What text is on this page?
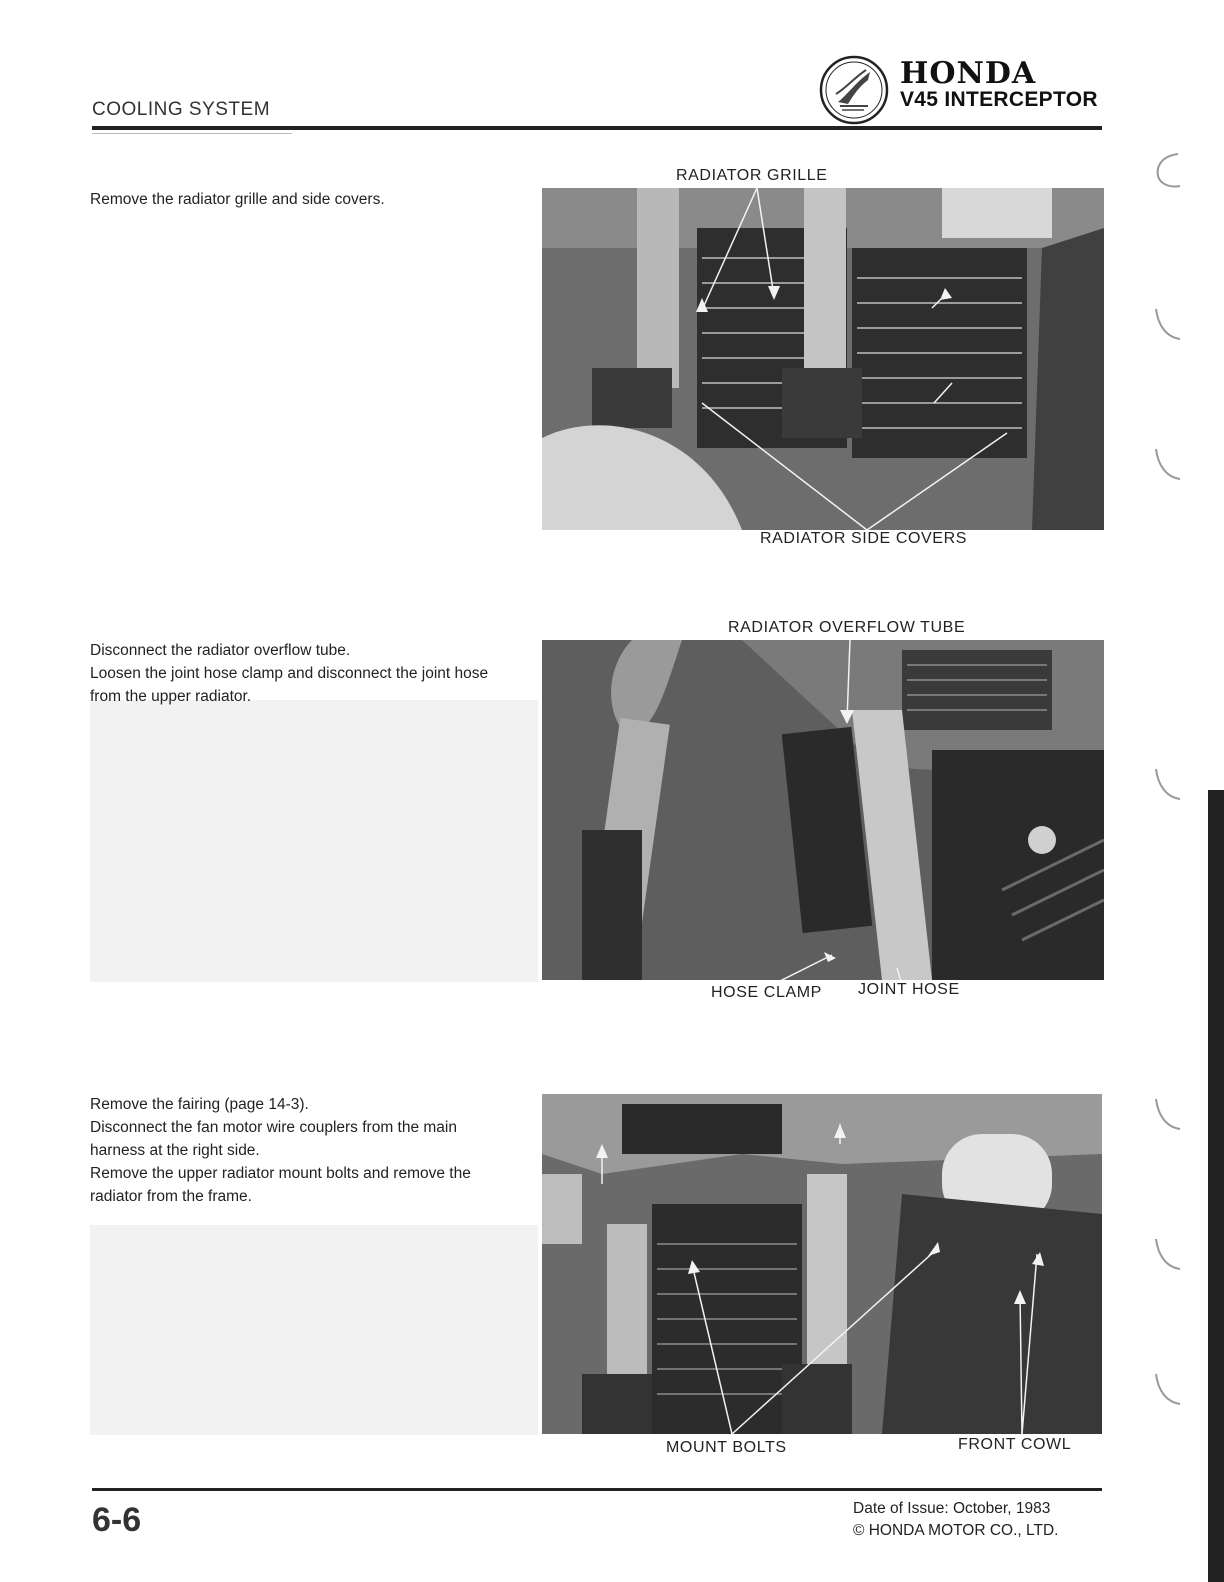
COOLING SYSTEM
HONDA
V45 INTERCEPTOR

Remove the radiator grille and side covers.

RADIATOR GRILLE
RADIATOR SIDE COVERS

Disconnect the radiator overflow tube.

Loosen the joint hose clamp and disconnect the joint hose from the upper radiator.

RADIATOR OVERFLOW TUBE
HOSE CLAMP JOINT HOSE

Remove the fairing (page 14-3).

Disconnect the fan motor wire couplers from the main harness at the right side.

Remove the upper radiator mount bolts and remove the radiator from the frame.

MOUNT BOLTS	FRONT COWL
6-6	Date of Issue: October, 1983
© HONDA MOTOR CO., LTD.
